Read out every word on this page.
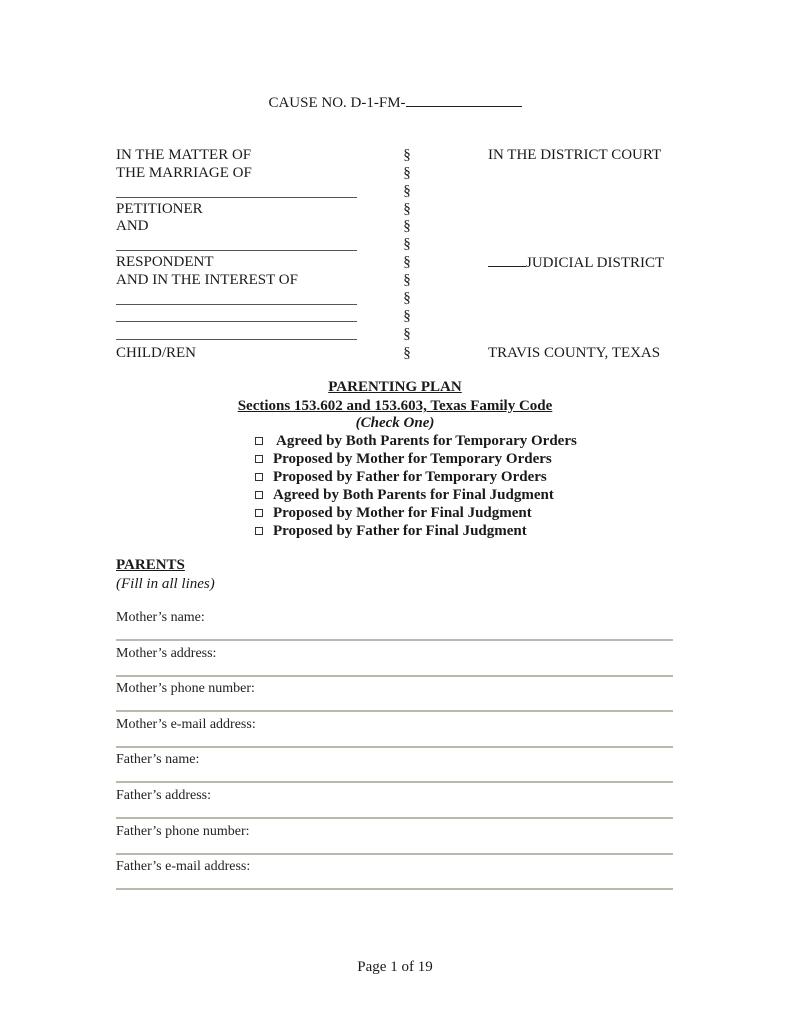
CAUSE NO. D-1-FM-
IN THE MATTER OF
THE MARRIAGE OF
PETITIONER
AND
RESPONDENT
AND IN THE INTEREST OF
CHILD/REN
§
§
§
§
§
§
§
§
§
§
§
§
IN THE DISTRICT COURT
JUDICIAL DISTRICT
TRAVIS COUNTY, TEXAS
PARENTING PLAN
Sections 153.602 and 153.603, Texas Family Code
(Check One)
Agreed by Both Parents for Temporary Orders
Proposed by Mother for Temporary Orders
Proposed by Father for Temporary Orders
Agreed by Both Parents for Final Judgment
Proposed by Mother for Final Judgment
Proposed by Father for Final Judgment
PARENTS
(Fill in all lines)
Mother’s name:
Mother’s address:
Mother’s phone number:
Mother’s e-mail address:
Father’s name:
Father’s address:
Father’s phone number:
Father’s e-mail address:
Page 1 of 19
